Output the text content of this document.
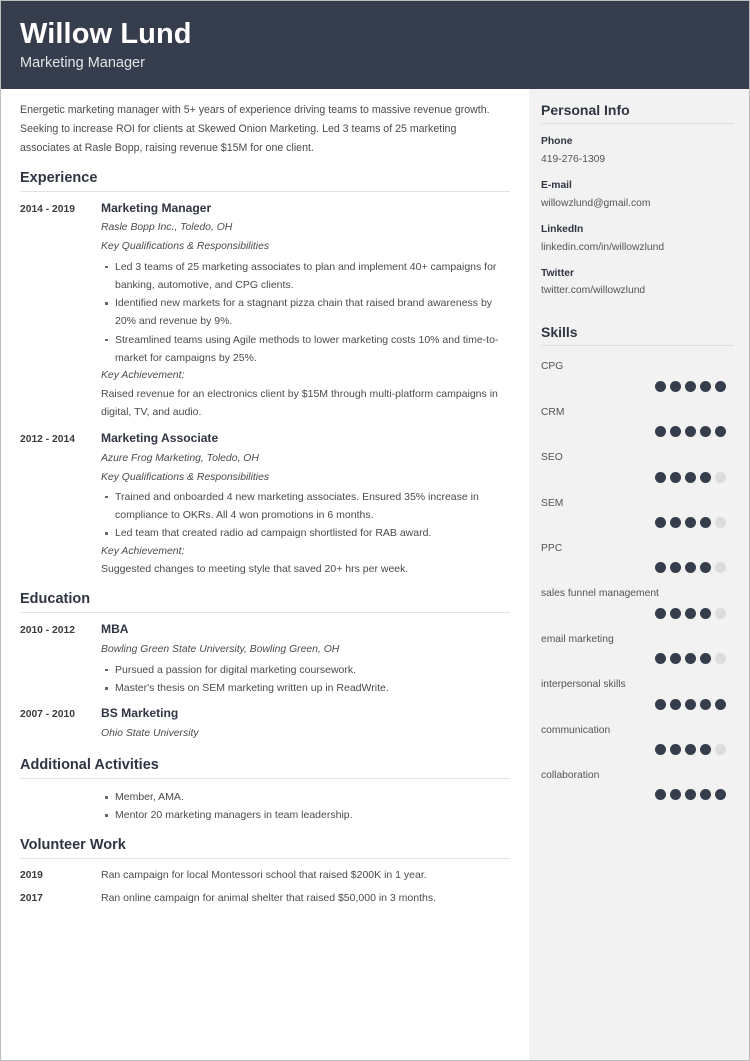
Willow Lund
Marketing Manager

Energetic marketing manager with 5+ years of experience driving teams to massive revenue growth. Seeking to increase ROI for clients at Skewed Onion Marketing. Led 3 teams of 25 marketing associates at Rasle Bopp, raising revenue $15M for one client.

Experience
2014 - 2019	Marketing Manager
Rasle Bopp Inc., Toledo, OH
Key Qualifications & Responsibilities
Led 3 teams of 25 marketing associates to plan and implement 40+ campaigns for banking, automotive, and CPG clients.
Identified new markets for a stagnant pizza chain that raised brand awareness by 20% and revenue by 9%.
Streamlined teams using Agile methods to lower marketing costs 10% and time-to-market for campaigns by 25%.
Key Achievement:
Raised revenue for an electronics client by $15M through multi-platform campaigns in digital, TV, and audio.
2012 - 2014	Marketing Associate
Azure Frog Marketing, Toledo, OH
Key Qualifications & Responsibilities
Trained and onboarded 4 new marketing associates. Ensured 35% increase in compliance to OKRs. All 4 won promotions in 6 months.
Led team that created radio ad campaign shortlisted for RAB award.
Key Achievement:
Suggested changes to meeting style that saved 20+ hrs per week.
Education
2010 - 2012	MBA
Bowling Green State University, Bowling Green, OH
Pursued a passion for digital marketing coursework.
Master's thesis on SEM marketing written up in ReadWrite.
2007 - 2010	BS Marketing
Ohio State University
Additional Activities
Member, AMA.
Mentor 20 marketing managers in team leadership.
Volunteer Work
2019	Ran campaign for local Montessori school that raised $200K in 1 year.
2017	Ran online campaign for animal shelter that raised $50,000 in 3 months.
Personal Info
Phone
419-276-1309
E-mail
willowzlund@gmail.com
LinkedIn
linkedin.com/in/willowzlund
Twitter
twitter.com/willowzlund
Skills
CPG
CRM
SEO
SEM
PPC
sales funnel management
email marketing
interpersonal skills
communication
collaboration
